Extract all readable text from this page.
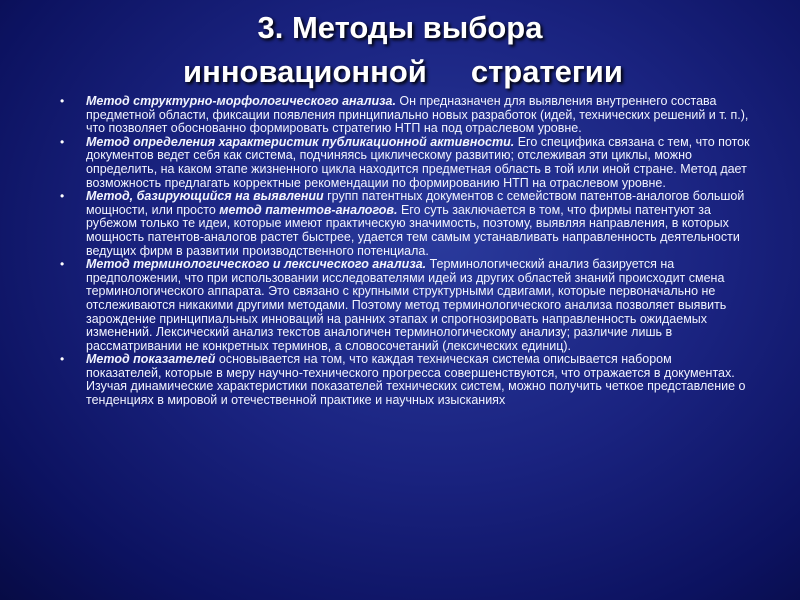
3. Методы выбора
инновационной стратегии
• Метод структурно-морфологического анализа. Он предназначен для выявления внутреннего состава предметной области, фиксации появления принципиально новых разработок (идей, технических решений и т. п.), что позволяет обоснованно формировать стратегию НТП на под отраслевом уровне.
• Метод определения характеристик публикационной активности. Его специфика связана с тем, что поток документов ведет себя как система, подчиняясь циклическому развитию; отслеживая эти циклы, можно определить, на каком этапе жизненного цикла находится предметная область в той или иной стране. Метод дает возможность предлагать корректные рекомендации по формированию НТП на отраслевом уровне.
• Метод, базирующийся на выявлении групп патентных документов с семейством патентов-аналогов большой мощности, или просто метод патентов-аналогов. Его суть заключается в том, что фирмы патентуют за рубежом только те идеи, которые имеют практическую значимость, поэтому, выявляя направления, в которых мощность патентов-аналогов растет быстрее, удается тем самым устанавливать направленность деятельности ведущих фирм в развитии производственного потенциала.
• Метод терминологического и лексического анализа. Терминологический анализ базируется на предположении, что при использовании исследователями идей из других областей знаний происходит смена терминологического аппарата. Это связано с крупными структурными сдвигами, которые первоначально не отслеживаются никакими другими методами. Поэтому метод терминологического анализа позволяет выявить зарождение принципиальных инноваций на ранних этапах и спрогнозировать направленность ожидаемых изменений. Лексический анализ текстов аналогичен терминологическому анализу; различие лишь в рассматривании не конкретных терминов, а словосочетаний (лексических единиц).
• Метод показателей основывается на том, что каждая техническая система описывается набором показателей, которые в меру научно-технического прогресса совершенствуются, что отражается в документах. Изучая динамические характеристики показателей технических систем, можно получить четкое представление о тенденциях в мировой и отечественной практике и научных изысканиях
